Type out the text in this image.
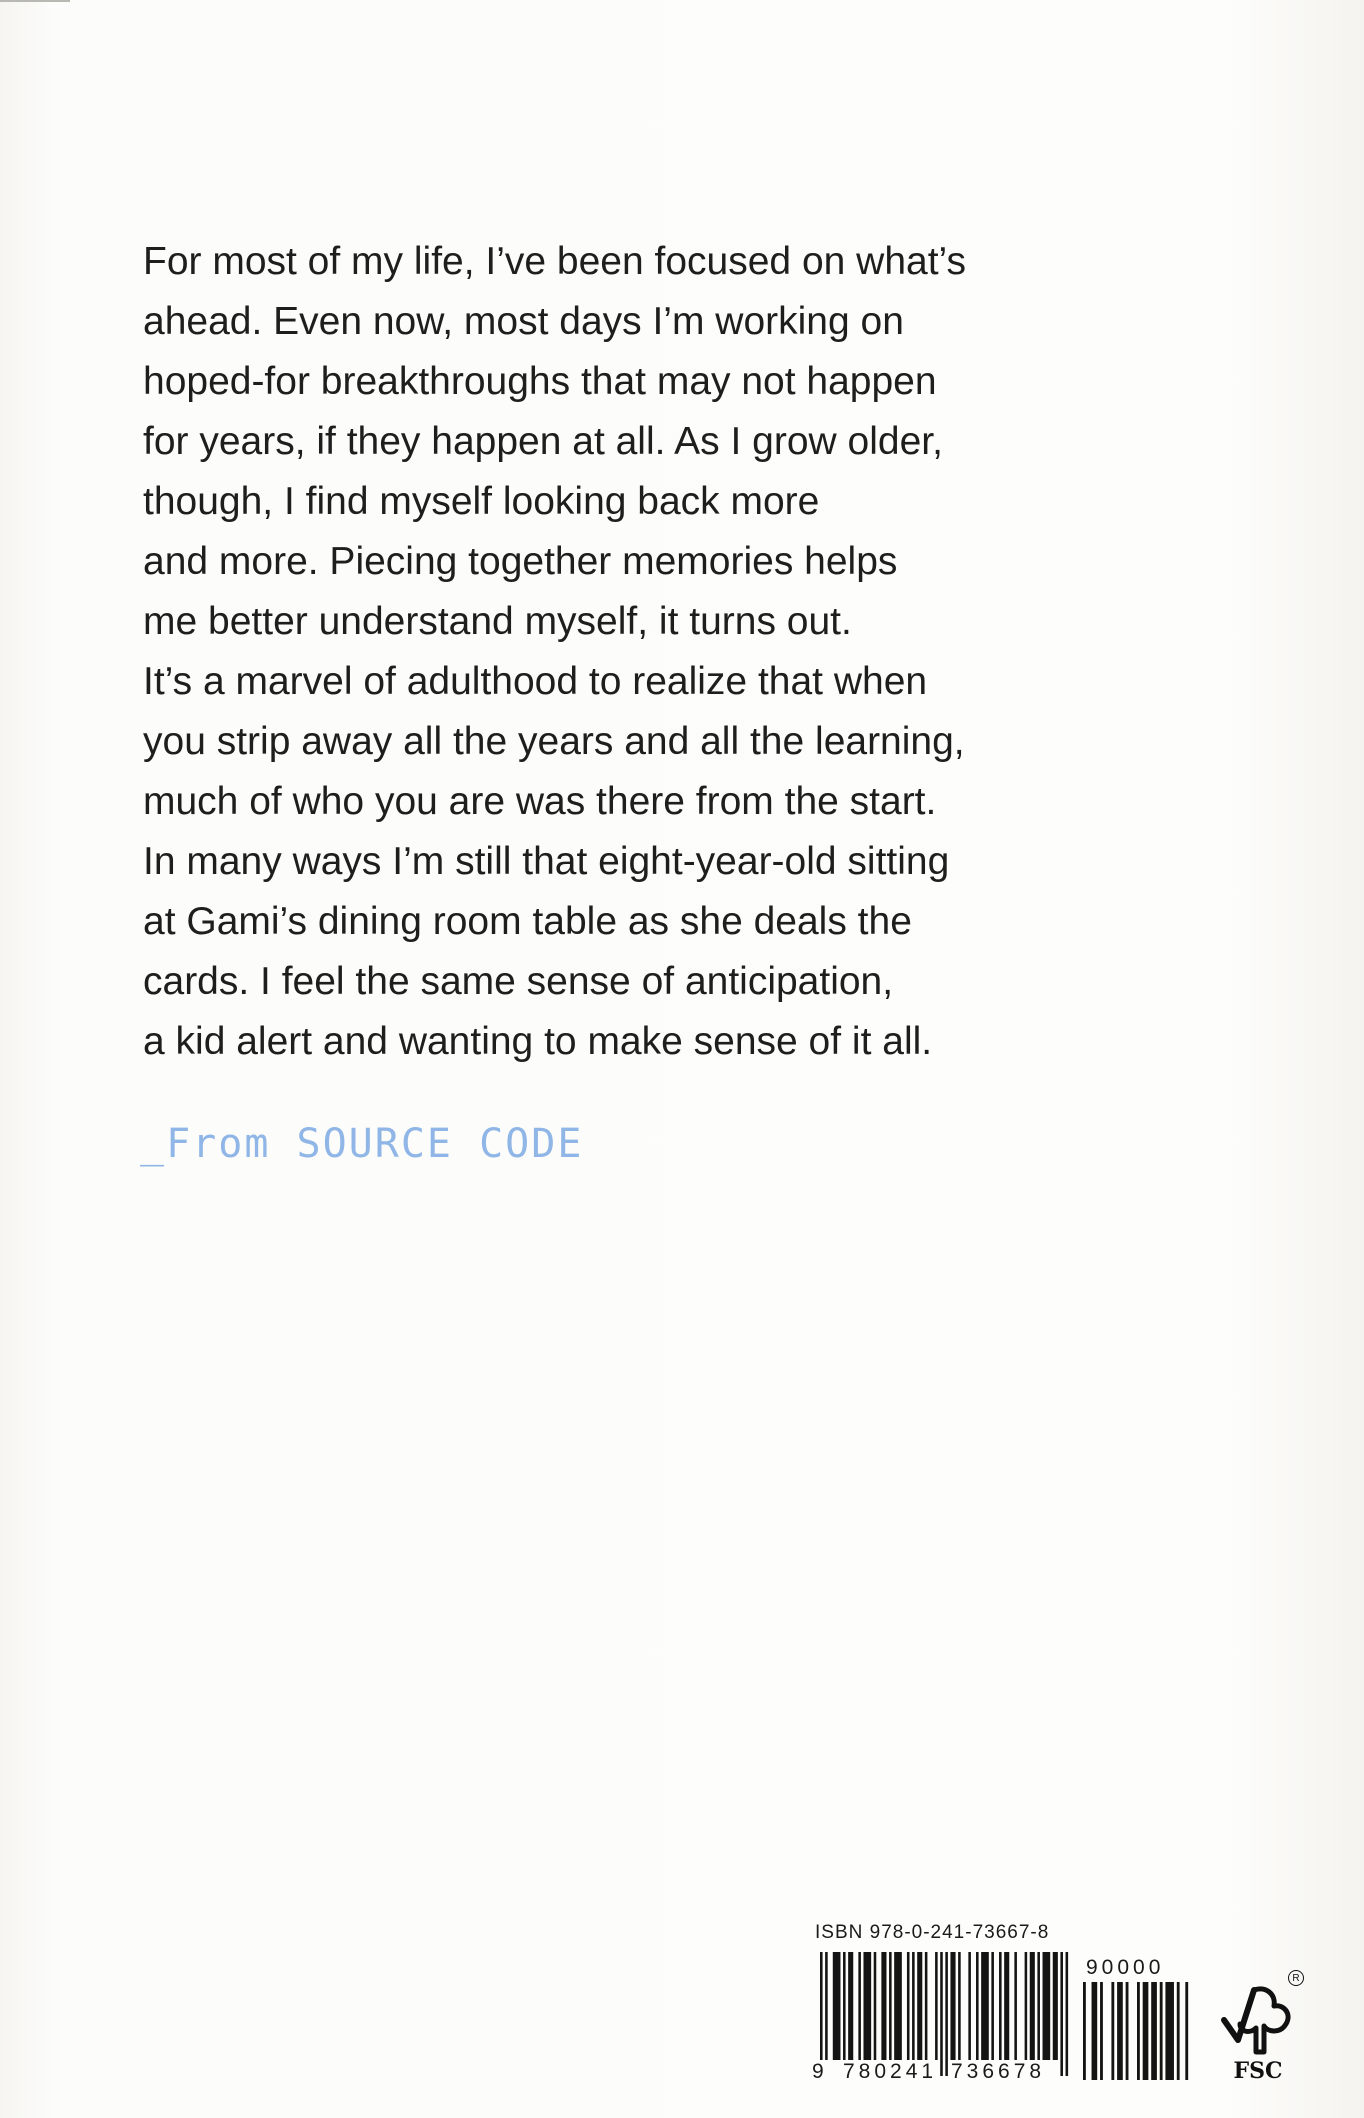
For most of my life, I’ve been focused on what’s
ahead. Even now, most days I’m working on
hoped-for breakthroughs that may not happen
for years, if they happen at all. As I grow older,
though, I find myself looking back more
and more. Piecing together memories helps
me better understand myself, it turns out.
It’s a marvel of adulthood to realize that when
you strip away all the years and all the learning,
much of who you are was there from the start.
In many ways I’m still that eight-year-old sitting
at Gami’s dining room table as she deals the
cards. I feel the same sense of anticipation,
a kid alert and wanting to make sense of it all.

_From SOURCE CODE
ISBN 978-0-241-73667-8
9 780241 736678
90000	R
FSC
